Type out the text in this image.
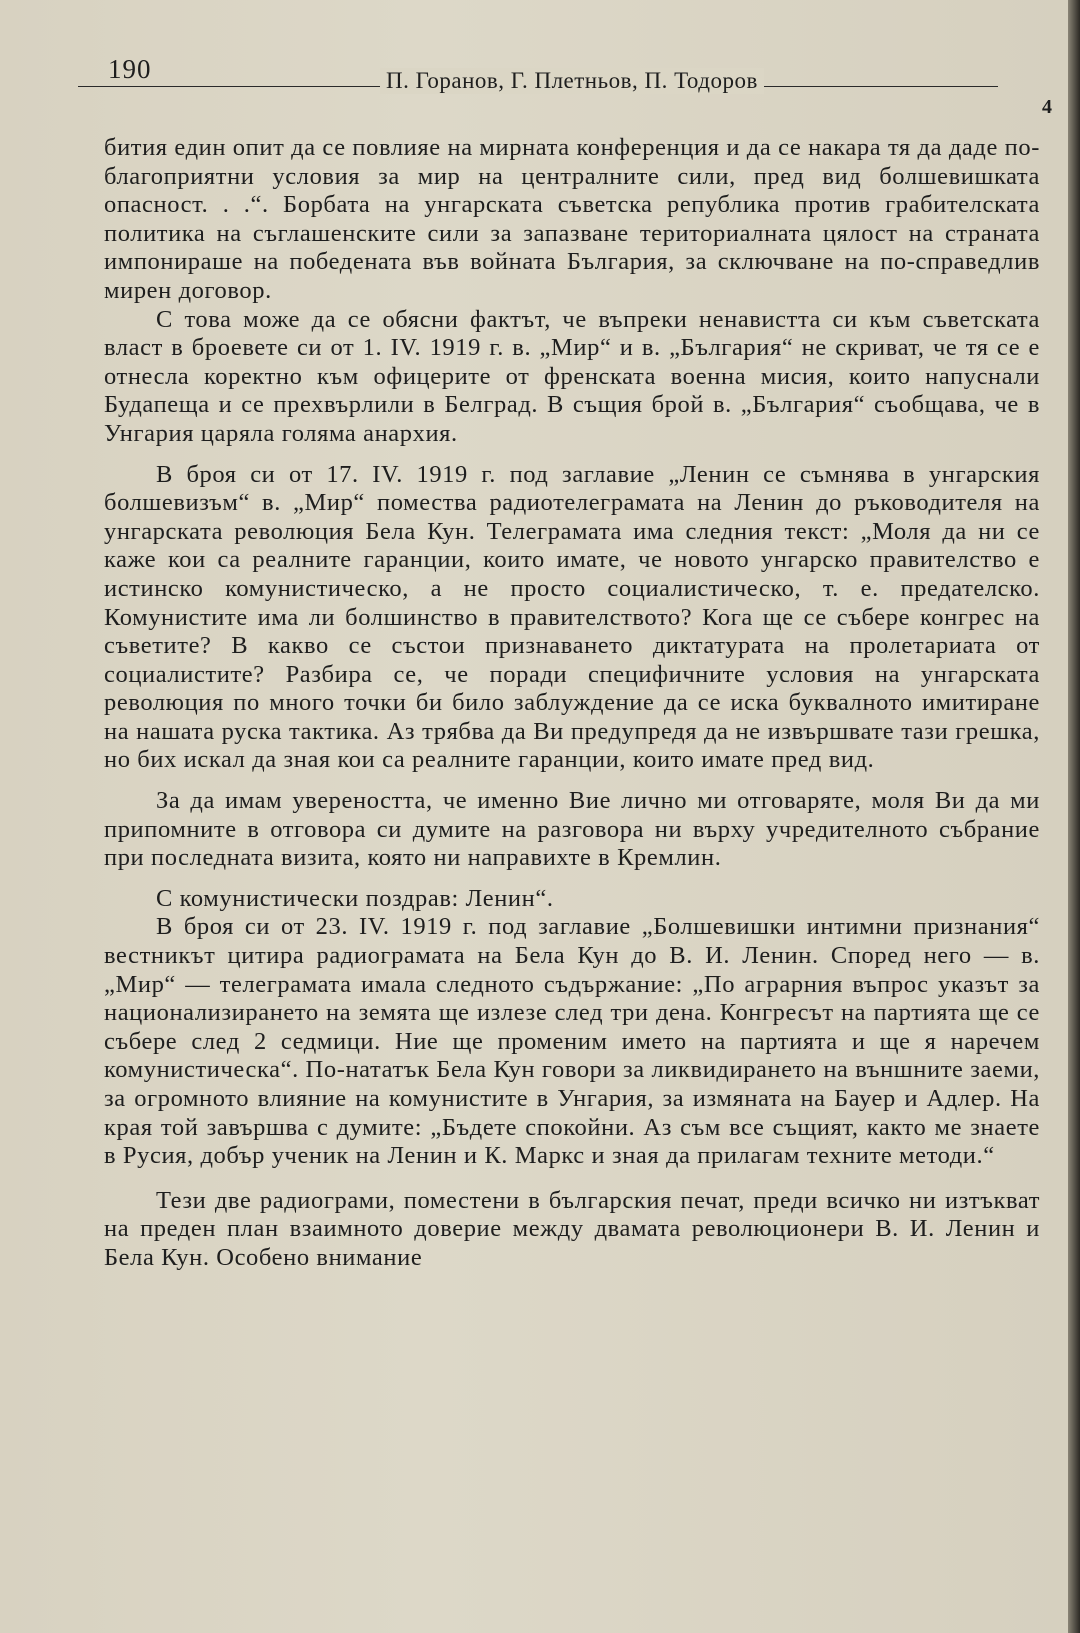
190	П. Горанов, Г. Плетньов, П. Тодоров
4

бития един опит да се повлияе на мирната конференция и да се накара тя да даде по-благоприятни условия за мир на централните сили, пред вид болшевишката опасност. . .“. Борбата на унгарската съветска република против грабителската политика на съглашенските сили за запазване териториалната цялост на страната импонираше на победената във войната България, за сключване на по-справедлив мирен договор.

С това може да се обясни фактът, че въпреки ненавистта си към съветската власт в броевете си от 1. IV. 1919 г. в. „Мир“ и в. „България“ не скриват, че тя се е отнесла коректно към офицерите от френската военна мисия, които напуснали Будапеща и се прехвърлили в Белград. В същия брой в. „България“ съобщава, че в Унгария царяла голяма анархия.

В броя си от 17. IV. 1919 г. под заглавие „Ленин се съмнява в унгарския болшевизъм“ в. „Мир“ помества радиотелеграмата на Ленин до ръководителя на унгарската революция Бела Кун. Телеграмата има следния текст: „Моля да ни се каже кои са реалните гаранции, които имате, че новото унгарско правителство е истинско комунистическо, а не просто социалистическо, т. е. предателско. Комунистите има ли болшинство в правителството? Кога ще се събере конгрес на съветите? В какво се състои признаването диктатурата на пролетариата от социалистите? Разбира се, че поради специфичните условия на унгарската революция по много точки би било заблуждение да се иска буквалното имитиране на нашата руска тактика. Аз трябва да Ви предупредя да не извършвате тази грешка, но бих искал да зная кои са реалните гаранции, които имате пред вид.

За да имам увереността, че именно Вие лично ми отговаряте, моля Ви да ми припомните в отговора си думите на разговора ни върху учредителното събрание при последната визита, която ни направихте в Кремлин.

С комунистически поздрав: Ленин“.

В броя си от 23. IV. 1919 г. под заглавие „Болшевишки интимни признания“ вестникът цитира радиограмата на Бела Кун до В. И. Ленин. Според него — в. „Мир“ — телеграмата имала следното съдържание: „По аграрния въпрос указът за национализирането на земята ще излезе след три дена. Конгресът на партията ще се събере след 2 седмици. Ние ще променим името на партията и ще я наречем комунистическа“. По-нататък Бела Кун говори за ликвидирането на външните заеми, за огромното влияние на комунистите в Унгария, за измяната на Бауер и Адлер. На края той завършва с думите: „Бъдете спокойни. Аз съм все същият, както ме знаете в Русия, добър ученик на Ленин и К. Маркс и зная да прилагам техните методи.“

Тези две радиограми, поместени в българския печат, преди всичко ни изтъкват на преден план взаимното доверие между двамата революционери В. И. Ленин и Бела Кун. Особено внимание
